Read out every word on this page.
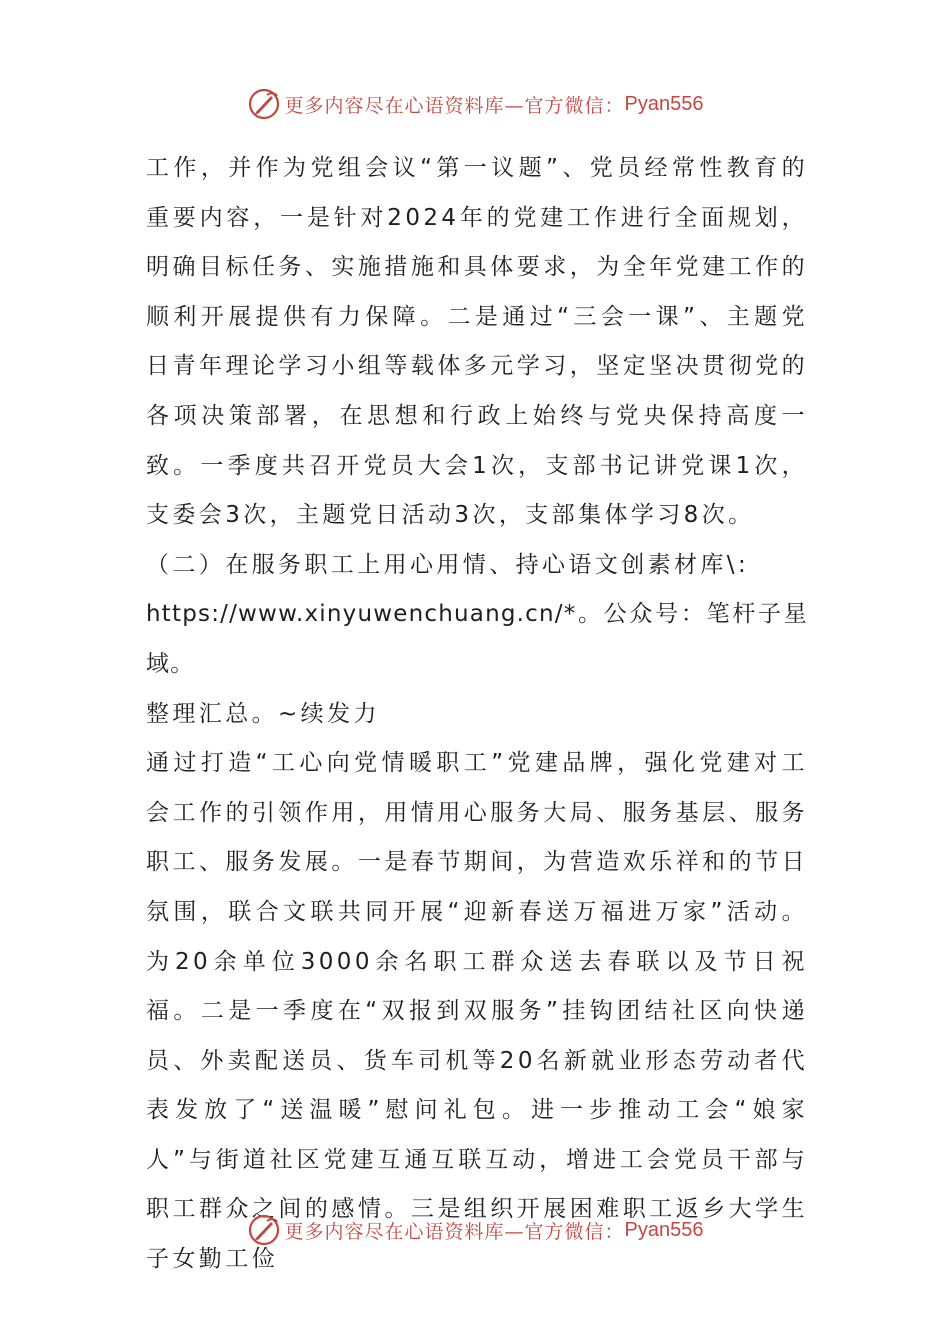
更多内容尽在心语资料库—官方微信： Pyan556

工作，并作为党组会议“第一议题”、党员经常性教育的重要内容，一是针对2024年的党建工作进行全面规划，明确目标任务、实施措施和具体要求，为全年党建工作的顺利开展提供有力保障。二是通过“三会一课”、主题党日青年理论学习小组等载体多元学习，坚定坚决贯彻党的各项决策部署，在思想和行政上始终与党央保持高度一致。一季度共召开党员大会1次，支部书记讲党课1次，支委会3次，主题党日活动3次，支部集体学习8次。

（二）在服务职工上用心用情、持心语文创素材库\:

https://www.xinyuwenchuang.cn/*。公众号：笔杆子星域。

整理汇总。~续发力

通过打造“工心向党情暖职工”党建品牌，强化党建对工会工作的引领作用，用情用心服务大局、服务基层、服务职工、服务发展。一是春节期间，为营造欢乐祥和的节日氛围，联合文联共同开展“迎新春送万福进万家”活动。为20余单位3000余名职工群众送去春联以及节日祝福。二是一季度在“双报到双服务”挂钩团结社区向快递员、外卖配送员、货车司机等20名新就业形态劳动者代表发放了“送温暖”慰问礼包。进一步推动工会“娘家人”与街道社区党建互通互联互动，增进工会党员干部与职工群众之间的感情。三是组织开展困难职工返乡大学生子女勤工俭

更多内容尽在心语资料库—官方微信： Pyan556
